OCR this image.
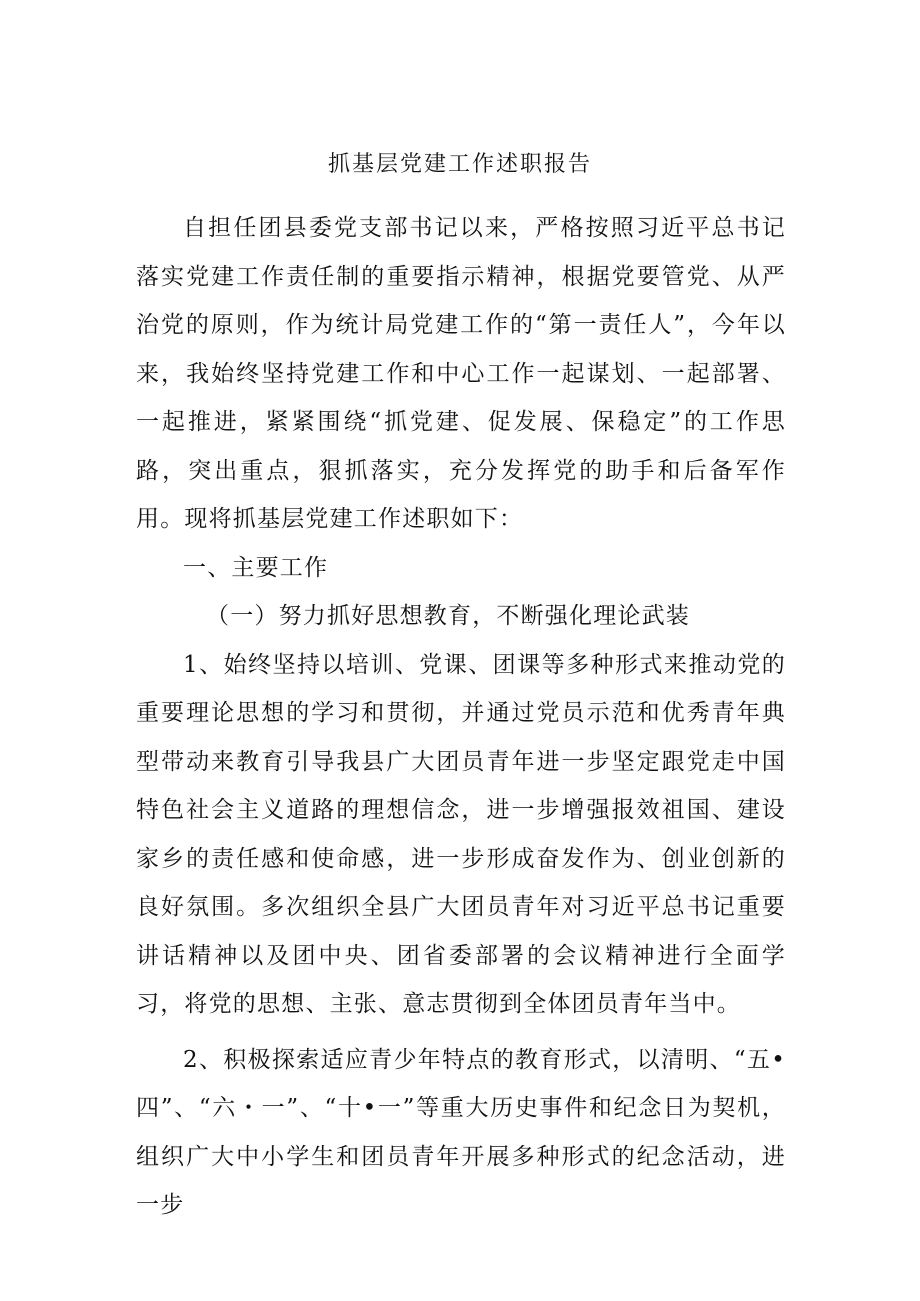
抓基层党建工作述职报告

自担任团县委党支部书记以来，严格按照习近平总书记落实党建工作责任制的重要指示精神，根据党要管党、从严治党的原则，作为统计局党建工作的“第一责任人”，今年以来，我始终坚持党建工作和中心工作一起谋划、一起部署、一起推进，紧紧围绕“抓党建、促发展、保稳定”的工作思路，突出重点，狠抓落实，充分发挥党的助手和后备军作用。现将抓基层党建工作述职如下：

一、主要工作

（一）努力抓好思想教育，不断强化理论武装

1、始终坚持以培训、党课、团课等多种形式来推动党的重要理论思想的学习和贯彻，并通过党员示范和优秀青年典型带动来教育引导我县广大团员青年进一步坚定跟党走中国特色社会主义道路的理想信念，进一步增强报效祖国、建设家乡的责任感和使命感，进一步形成奋发作为、创业创新的良好氛围。多次组织全县广大团员青年对习近平总书记重要讲话精神以及团中央、团省委部署的会议精神进行全面学习，将党的思想、主张、意志贯彻到全体团员青年当中。

2、积极探索适应青少年特点的教育形式，以清明、“五•四”、“六・一”、“十•一”等重大历史事件和纪念日为契机，组织广大中小学生和团员青年开展多种形式的纪念活动，进一步
